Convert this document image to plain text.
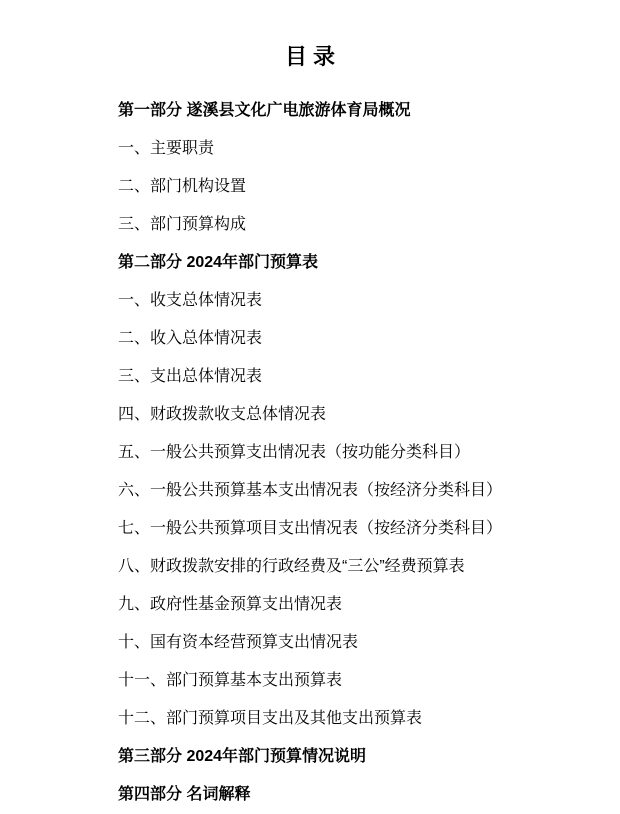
目 录
第一部分 遂溪县文化广电旅游体育局概况
一、主要职责
二、部门机构设置
三、部门预算构成
第二部分 2024年部门预算表
一、收支总体情况表
二、收入总体情况表
三、支出总体情况表
四、财政拨款收支总体情况表
五、一般公共预算支出情况表（按功能分类科目）
六、一般公共预算基本支出情况表（按经济分类科目）
七、一般公共预算项目支出情况表（按经济分类科目）
八、财政拨款安排的行政经费及“三公”经费预算表
九、政府性基金预算支出情况表
十、国有资本经营预算支出情况表
十一、部门预算基本支出预算表
十二、部门预算项目支出及其他支出预算表
第三部分 2024年部门预算情况说明
第四部分 名词解释
